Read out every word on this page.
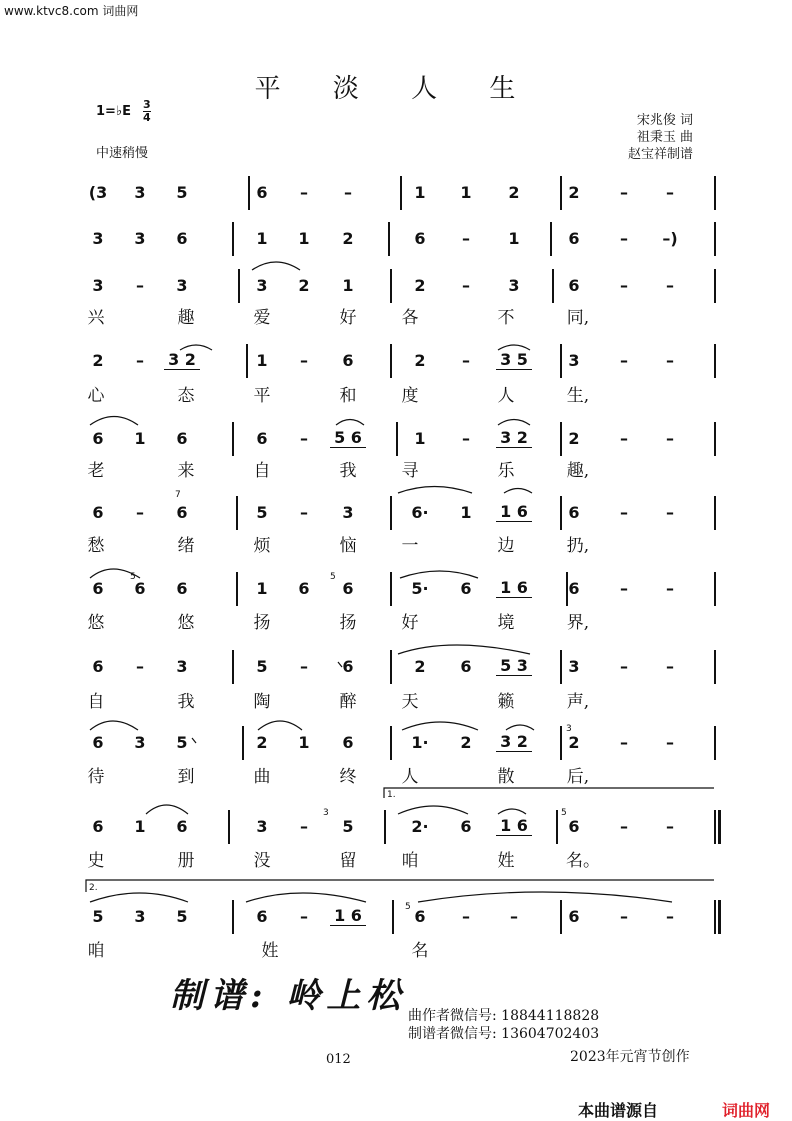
www.ktvc8.com 词曲网
平 淡 人 生
1=♭E 3
4
中速稍慢
宋兆俊 词
祖秉玉 曲
赵宝祥制谱
(3 3 5	6	–	–	1 1 2	2	–	–
3 3 6	1 1 2	6	–	1	6	–	–)
3	–	3	3 2 1	2	–	3	6	–	–
兴	趣	爱	好	各	不	同,
2	–	3 2	1	–	6	2	–	3 5	3	–	–
心	态	平	和	度	人	生,
6 1 6	6	–	5 6	1	–	3 2	2	–	–
老	来	自	我	寻	乐	趣,
6	–	6	5	–	3	6· 1 1 6	6	–	–
愁	绪	烦	恼	一	边	扔,
6 6 6	1 6 6	5· 6 1 6	6	–	–
悠	悠	扬	扬	好	境	界,
6	–	3	5	–	6	2 6 5 3	3	–	–
自	我	陶	醉	天	籁	声,
6 3 5	2 1 6	1· 2 3 2	2	–	–
待	到	曲	终	人	散	后,
6 1 6	3	–	5	2· 6 1 6	6	–	–
史	册	没	留	咱	姓	名。
5 3 5	6	–	1 6	6	–	–	6	–	–
咱	姓	名
1.
2.
7
5	5
3
3	5
5
制谱: 岭上松 曲作者微信号: 18844118828
制谱者微信号: 13604702403
012	2023年元宵节创作
本曲谱源自	词曲网
